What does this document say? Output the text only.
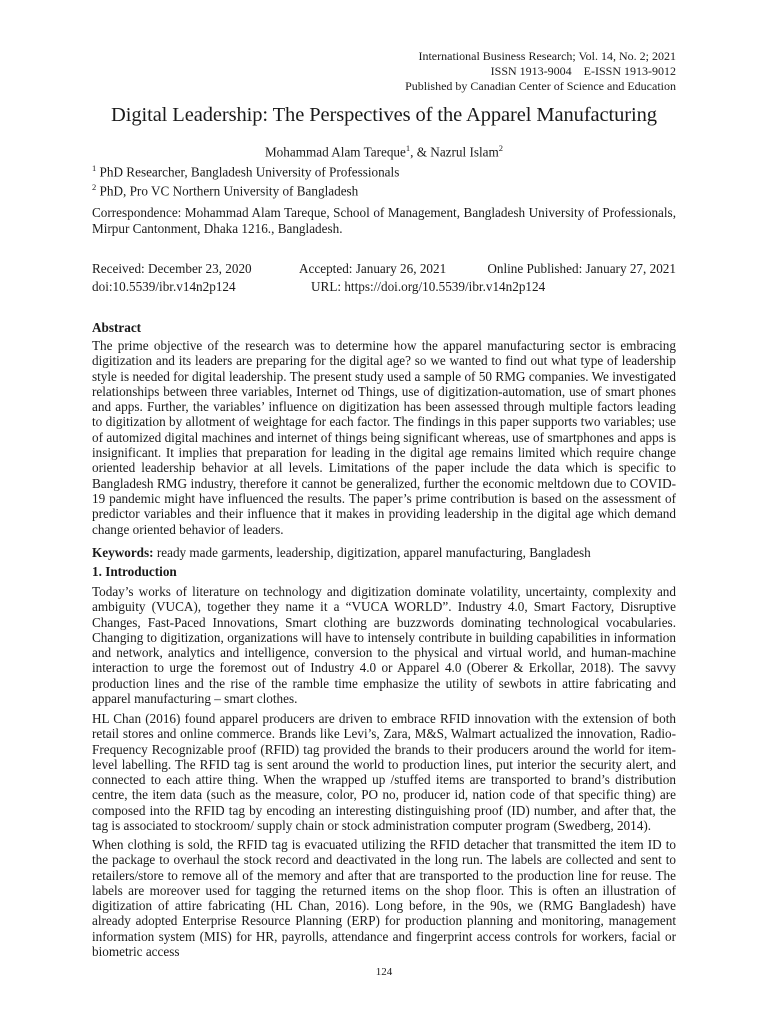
International Business Research; Vol. 14, No. 2; 2021
ISSN 1913-9004    E-ISSN 1913-9012
Published by Canadian Center of Science and Education
Digital Leadership: The Perspectives of the Apparel Manufacturing
Mohammad Alam Tareque$^1$, & Nazrul Islam$^2$
$^1$ PhD Researcher, Bangladesh University of Professionals
$^2$ PhD, Pro VC Northern University of Bangladesh
Correspondence: Mohammad Alam Tareque, School of Management, Bangladesh University of Professionals, Mirpur Cantonment, Dhaka 1216., Bangladesh.
Received: December 23, 2020	Accepted: January 26, 2021	Online Published: January 27, 2021
doi:10.5539/ibr.v14n2p124	URL: https://doi.org/10.5539/ibr.v14n2p124
Abstract
The prime objective of the research was to determine how the apparel manufacturing sector is embracing digitization and its leaders are preparing for the digital age? so we wanted to find out what type of leadership style is needed for digital leadership. The present study used a sample of 50 RMG companies. We investigated relationships between three variables, Internet od Things, use of digitization-automation, use of smart phones and apps. Further, the variables’ influence on digitization has been assessed through multiple factors leading to digitization by allotment of weightage for each factor. The findings in this paper supports two variables; use of automized digital machines and internet of things being significant whereas, use of smartphones and apps is insignificant. It implies that preparation for leading in the digital age remains limited which require change oriented leadership behavior at all levels. Limitations of the paper include the data which is specific to Bangladesh RMG industry, therefore it cannot be generalized, further the economic meltdown due to COVID-19 pandemic might have influenced the results. The paper’s prime contribution is based on the assessment of predictor variables and their influence that it makes in providing leadership in the digital age which demand change oriented behavior of leaders.
Keywords: ready made garments, leadership, digitization, apparel manufacturing, Bangladesh
1. Introduction
Today’s works of literature on technology and digitization dominate volatility, uncertainty, complexity and ambiguity (VUCA), together they name it a “VUCA WORLD”. Industry 4.0, Smart Factory, Disruptive Changes, Fast-Paced Innovations, Smart clothing are buzzwords dominating technological vocabularies. Changing to digitization, organizations will have to intensely contribute in building capabilities in information and network, analytics and intelligence, conversion to the physical and virtual world, and human-machine interaction to urge the foremost out of Industry 4.0 or Apparel 4.0 (Oberer & Erkollar, 2018). The savvy production lines and the rise of the ramble time emphasize the utility of sewbots in attire fabricating and apparel manufacturing – smart clothes.
HL Chan (2016) found apparel producers are driven to embrace RFID innovation with the extension of both retail stores and online commerce. Brands like Levi’s, Zara, M&S, Walmart actualized the innovation, Radio-Frequency Recognizable proof (RFID) tag provided the brands to their producers around the world for item-level labelling. The RFID tag is sent around the world to production lines, put interior the security alert, and connected to each attire thing. When the wrapped up /stuffed items are transported to brand’s distribution centre, the item data (such as the measure, color, PO no, producer id, nation code of that specific thing) are composed into the RFID tag by encoding an interesting distinguishing proof (ID) number, and after that, the tag is associated to stockroom/ supply chain or stock administration computer program (Swedberg, 2014).
When clothing is sold, the RFID tag is evacuated utilizing the RFID detacher that transmitted the item ID to the package to overhaul the stock record and deactivated in the long run. The labels are collected and sent to retailers/store to remove all of the memory and after that are transported to the production line for reuse. The labels are moreover used for tagging the returned items on the shop floor. This is often an illustration of digitization of attire fabricating (HL Chan, 2016). Long before, in the 90s, we (RMG Bangladesh) have already adopted Enterprise Resource Planning (ERP) for production planning and monitoring, management information system (MIS) for HR, payrolls, attendance and fingerprint access controls for workers, facial or biometric access
124
